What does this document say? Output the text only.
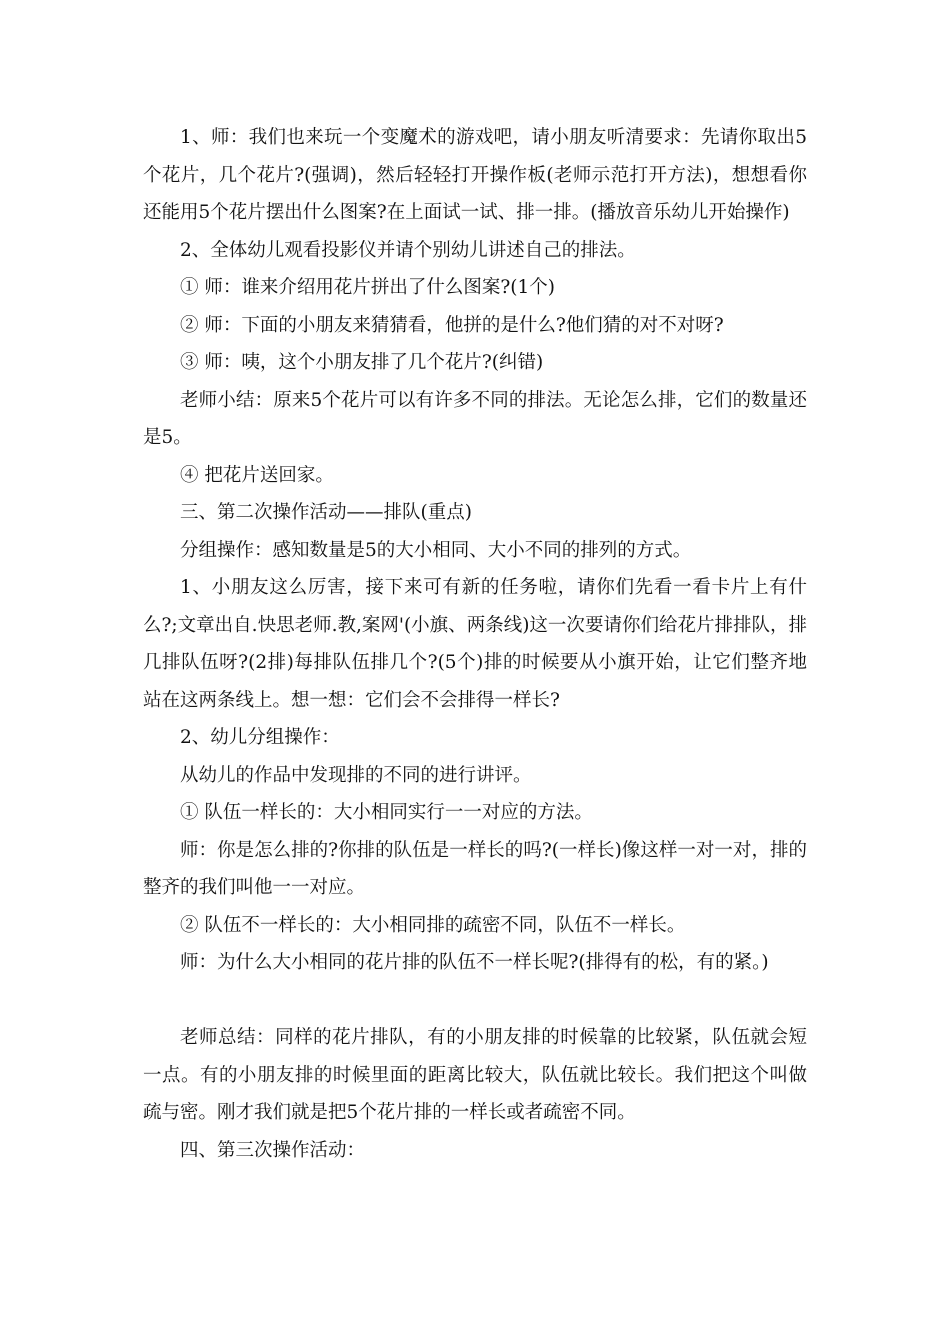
1、师：我们也来玩一个变魔术的游戏吧，请小朋友听清要求：先请你取出5个花片，几个花片?(强调)，然后轻轻打开操作板(老师示范打开方法)，想想看你还能用5个花片摆出什么图案?在上面试一试、排一排。(播放音乐幼儿开始操作)

2、全体幼儿观看投影仪并请个别幼儿讲述自己的排法。

① 师：谁来介绍用花片拼出了什么图案?(1个)

② 师：下面的小朋友来猜猜看，他拼的是什么?他们猜的对不对呀?

③ 师：咦，这个小朋友排了几个花片?(纠错)

老师小结：原来5个花片可以有许多不同的排法。无论怎么排，它们的数量还是5。

④ 把花片送回家。

三、第二次操作活动——排队(重点)

分组操作：感知数量是5的大小相同、大小不同的排列的方式。

1、小朋友这么厉害，接下来可有新的任务啦，请你们先看一看卡片上有什么?;文章出自.快思老师.教,案网'(小旗、两条线)这一次要请你们给花片排排队，排几排队伍呀?(2排)每排队伍排几个?(5个)排的时候要从小旗开始，让它们整齐地站在这两条线上。想一想：它们会不会排得一样长?

2、幼儿分组操作：

从幼儿的作品中发现排的不同的进行讲评。

① 队伍一样长的：大小相同实行一一对应的方法。

师：你是怎么排的?你排的队伍是一样长的吗?(一样长)像这样一对一对，排的整齐的我们叫他一一对应。

② 队伍不一样长的：大小相同排的疏密不同，队伍不一样长。

师：为什么大小相同的花片排的队伍不一样长呢?(排得有的松，有的紧。)

老师总结：同样的花片排队，有的小朋友排的时候靠的比较紧，队伍就会短一点。有的小朋友排的时候里面的距离比较大，队伍就比较长。我们把这个叫做疏与密。刚才我们就是把5个花片排的一样长或者疏密不同。

四、第三次操作活动：
